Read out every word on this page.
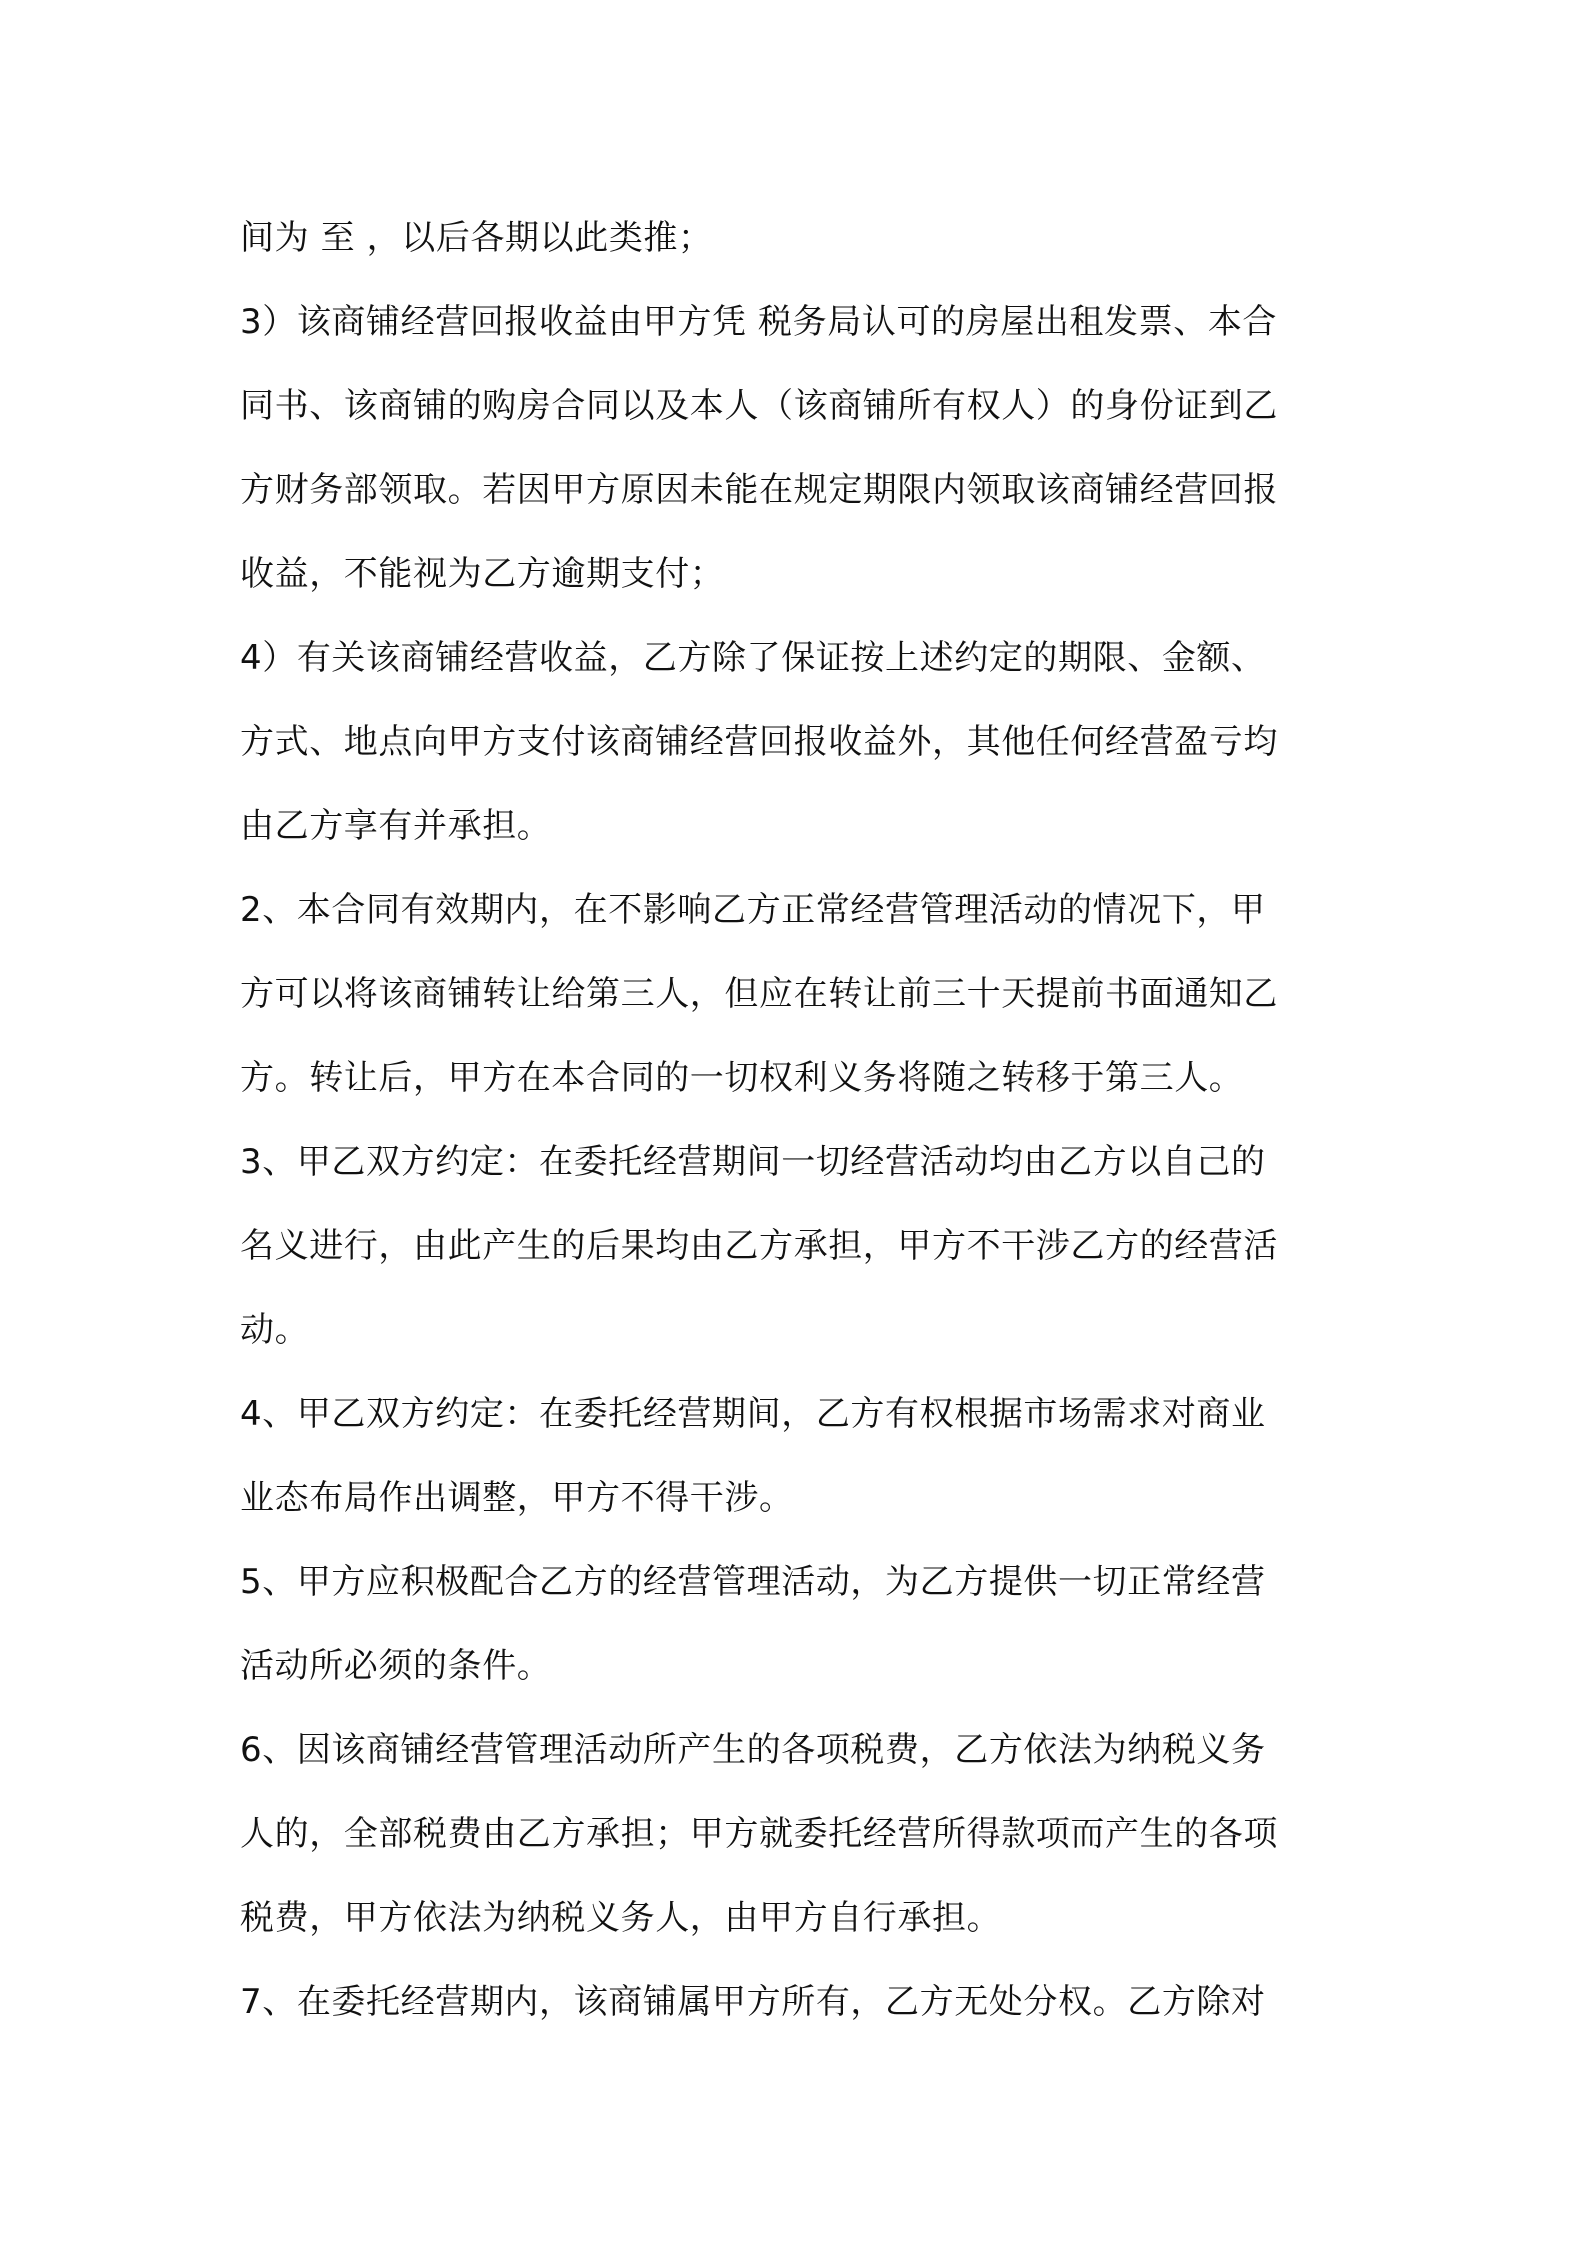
间为 至 ，以后各期以此类推；
3）该商铺经营回报收益由甲方凭 税务局认可的房屋出租发票、本合
同书、该商铺的购房合同以及本人（该商铺所有权人）的身份证到乙
方财务部领取。若因甲方原因未能在规定期限内领取该商铺经营回报
收益，不能视为乙方逾期支付；
4）有关该商铺经营收益，乙方除了保证按上述约定的期限、金额、
方式、地点向甲方支付该商铺经营回报收益外，其他任何经营盈亏均
由乙方享有并承担。
2、本合同有效期内，在不影响乙方正常经营管理活动的情况下，甲
方可以将该商铺转让给第三人，但应在转让前三十天提前书面通知乙
方。转让后，甲方在本合同的一切权利义务将随之转移于第三人。
3、甲乙双方约定：在委托经营期间一切经营活动均由乙方以自己的
名义进行，由此产生的后果均由乙方承担，甲方不干涉乙方的经营活
动。
4、甲乙双方约定：在委托经营期间，乙方有权根据市场需求对商业
业态布局作出调整，甲方不得干涉。
5、甲方应积极配合乙方的经营管理活动，为乙方提供一切正常经营
活动所必须的条件。
6、因该商铺经营管理活动所产生的各项税费，乙方依法为纳税义务
人的，全部税费由乙方承担；甲方就委托经营所得款项而产生的各项
税费，甲方依法为纳税义务人，由甲方自行承担。
7、在委托经营期内，该商铺属甲方所有，乙方无处分权。乙方除对
